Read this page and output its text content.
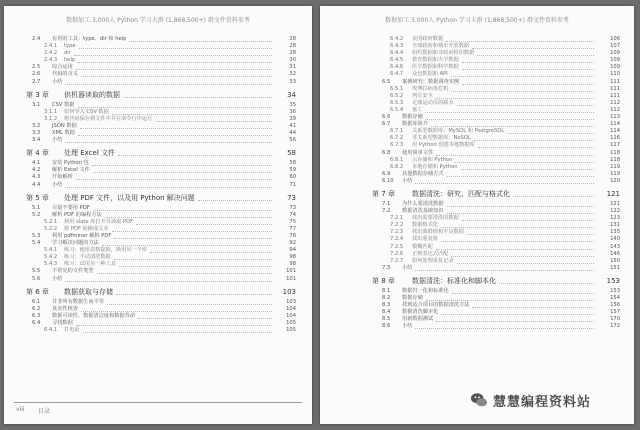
数据加工 3,000人 Python 学习大群 (1,868,500+) 群文件资料参考
2.4 有用的工具：type、dir 和 help	28
2.4.1 type	28
2.4.2 dir	28
2.4.3 help	30
2.5 综合运用	31
2.6 代码的含义	32
2.7 小结	33
第 3 章 供机器读取的数据	34
3.1 CSV 数据	35
3.1.1 如何导入 CSV 数据	36
3.1.2 将代码保存到文件中并在命令行中运行	39
3.2 JSON 数据	41
3.3 XML 数据	44
3.4 小结	56
第 4 章 处理 Excel 文件	58
4.1 安装 Python 包	58
4.2 解析 Excel 文件	59
4.3 开始解析	60
4.4 小结	71
第 5 章 处理 PDF 文件，以及用 Python 解决问题	73
5.1 尽量不要用 PDF	73
5.2 解析 PDF 的编程方法	74
5.2.1 利用 slate 库打开并读取 PDF	75
5.2.2 将 PDF 转换成文本	77
5.3 利用 pdfminer 解析 PDF	78
5.4 学习解决问题的方法	92
5.4.1 练习：使用表格提取，换用另一个库	94
5.4.2 练习：手动清洗数据	98
5.4.3 练习：试用另一种工具	98
5.5 不常见的文件类型	101
5.6 小结	101
第 6 章 数据获取与存储	103
6.1 并非所有数据生而平等	103
6.2 真实性核查	104
6.3 数据可读性、数据清洁度和数据寿命	104
6.4 寻找数据	105
6.4.1 打电话	105
viii 目录
数据加工 3,000人 Python 学习大群 (1,868,500+) 群文件资料参考
6.4.2 美国政府数据	106
6.4.3 全球政府和城市开放数据	107
6.4.4 组织数据和非政府组织数据	109
6.4.5 教育数据和大学数据	109
6.4.6 医学数据和科学数据	109
6.4.7 众包数据和 API	110
6.5 案例研究：数据调查实例	111
6.5.1 埃博拉病毒危机	111
6.5.2 列车安全	111
6.5.3 足球运动员的薪水	112
6.5.4 童工	112
6.6 数据存储	113
6.7 数据库简介	114
6.7.1 关系型数据库：MySQL 和 PostgreSQL	114
6.7.2 非关系型数据库：NoSQL	116
6.7.3 用 Python 创建本地数据库	117
6.8 使用简单文件	118
6.8.1 云存储和 Python	118
6.8.2 本地存储和 Python	119
6.9 其他数据存储方式	119
6.10 小结	120
第 7 章 数据清洗：研究、匹配与格式化	121
7.1 为什么要清洗数据	121
7.2 数据清洗基础知识	122
7.2.1 找出需要清洗的数据	123
7.2.2 数据格式化	131
7.2.3 找出离群值和不良数据	135
7.2.4 找出重复值	140
7.2.5 模糊匹配	143
7.2.6 正则表达式匹配	146
7.2.7 如何处理重复记录	150
7.3 小结	151
第 8 章 数据清洗：标准化和脚本化	153
8.1 数据归一化和标准化	153
8.2 数据存储	154
8.3 找到适合项目的数据清洗方法	156
8.4 数据清洗脚本化	157
8.5 用新数据测试	170
8.6 小结	172
慧慧编程资料站
